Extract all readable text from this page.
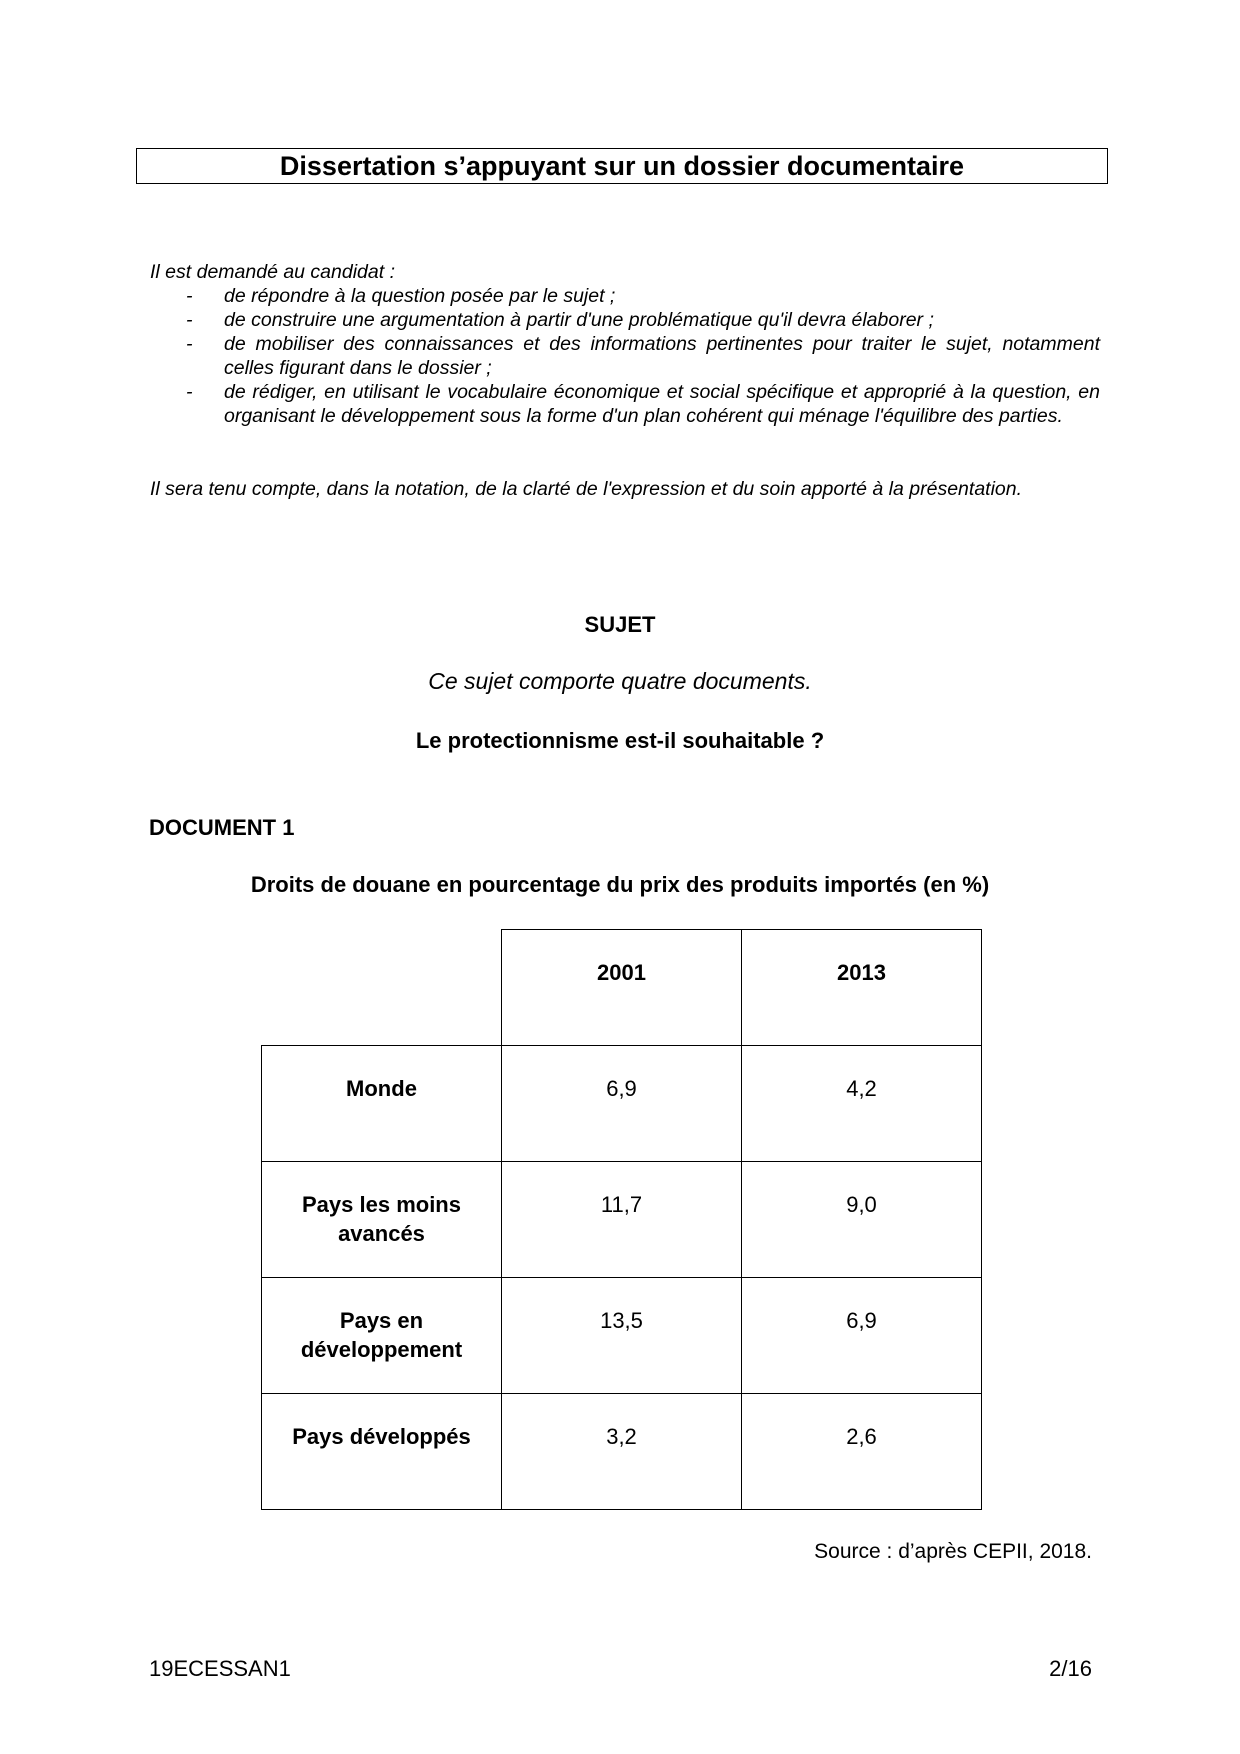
Dissertation s’appuyant sur un dossier documentaire
Il est demandé au candidat :
- de répondre à la question posée par le sujet ;
- de construire une argumentation à partir d'une problématique qu'il devra élaborer ;
- de mobiliser des connaissances et des informations pertinentes pour traiter le sujet, notamment celles figurant dans le dossier ;
- de rédiger, en utilisant le vocabulaire économique et social spécifique et approprié à la question, en organisant le développement sous la forme d'un plan cohérent qui ménage l'équilibre des parties.
Il sera tenu compte, dans la notation, de la clarté de l'expression et du soin apporté à la présentation.
SUJET
Ce sujet comporte quatre documents.
Le protectionnisme est-il souhaitable ?
DOCUMENT 1
Droits de douane en pourcentage du prix des produits importés (en %)
	2001	2013
Monde	6,9	4,2
Pays les moins avancés	11,7	9,0
Pays en développement	13,5	6,9
Pays développés	3,2	2,6
Source : d’après CEPII, 2018.
19ECESSAN1	2/16
